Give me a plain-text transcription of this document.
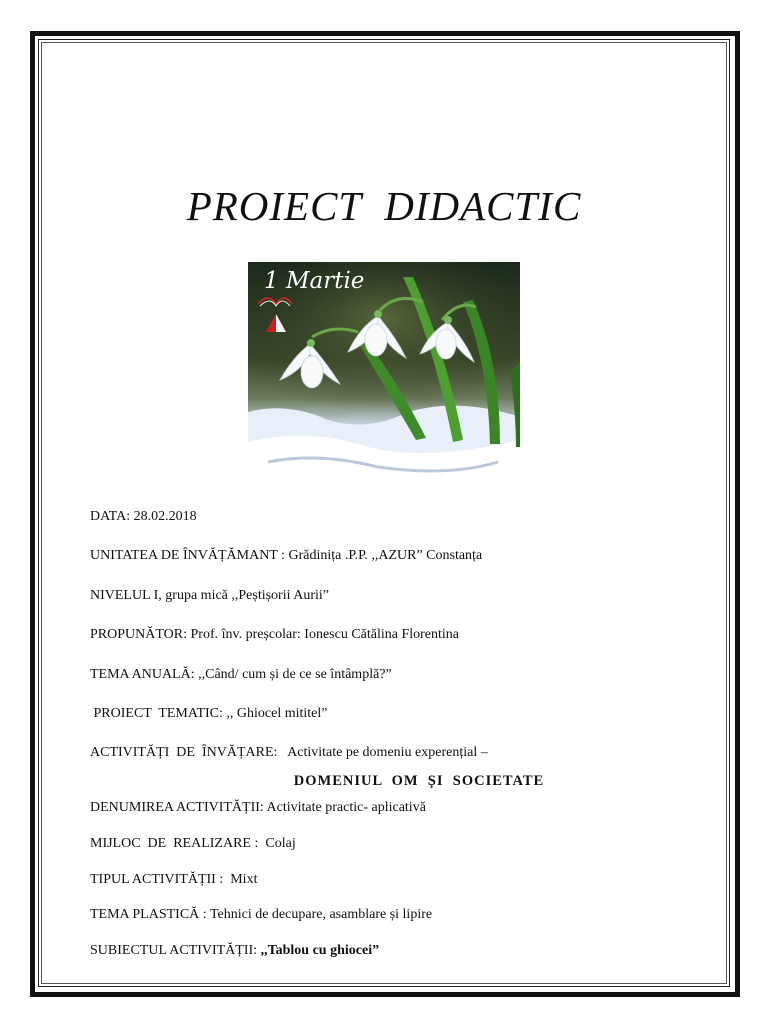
PROIECT DIDACTIC
1 Martie
DATA: 28.02.2018
UNITATEA DE ÎNVĂȚĂMANT : Grădinița .P.P. ,,AZUR” Constanța
NIVELUL I, grupa mică ,,Peștișorii Aurii”
PROPUNĂTOR: Prof. înv. preșcolar: Ionescu Cătălina Florentina
TEMA ANUALĂ: ,,Când/ cum și de ce se întâmplă?”
PROIECT  TEMATIC: ,, Ghiocel mititel”
ACTIVITĂȚI  DE  ÎNVĂȚARE:   Activitate pe domeniu experențial –
DOMENIUL  OM  ȘI  SOCIETATE
DENUMIREA ACTIVITĂȚII: Activitate practic- aplicativă
MIJLOC  DE  REALIZARE :  Colaj
TIPUL ACTIVITĂȚII :  Mixt
TEMA PLASTICĂ : Tehnici de decupare, asamblare și lipire
SUBIECTUL ACTIVITĂȚII: ,,Tablou cu ghiocei”
